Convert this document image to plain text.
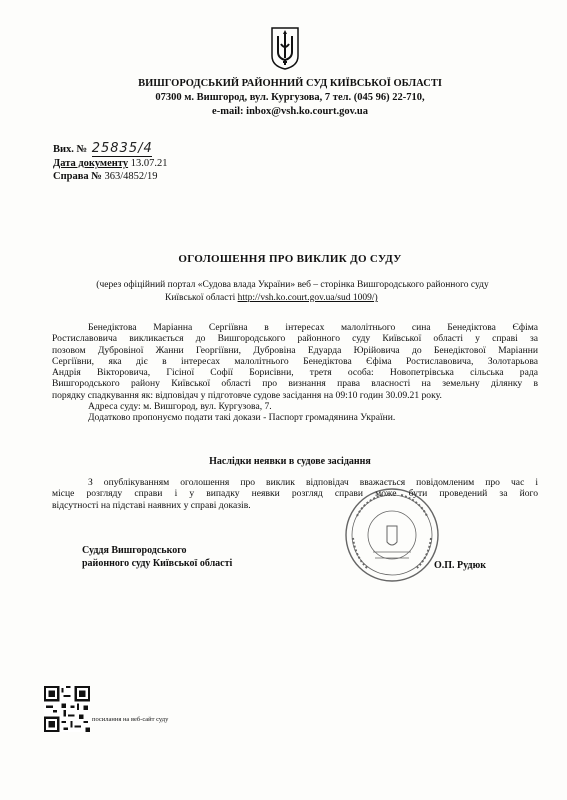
ВИШГОРОДСЬКИЙ РАЙОННИЙ СУД КИЇВСЬКОЇ ОБЛАСТІ
07300 м. Вишгород, вул. Кургузова, 7 тел. (045 96) 22-710,
e-mail: inbox@vsh.ko.court.gov.ua
Вих. № 25835/4
Дата документу 13.07.21
Справа № 363/4852/19
ОГОЛОШЕННЯ ПРО ВИКЛИК ДО СУДУ
(через офіційний портал «Судова влада України» веб – сторінка Вишгородського районного суду
Київської області http://vsh.ko.court.gov.ua/sud 1009/)
Бенедіктова Маріанна Сергіївна в інтересах малолітнього сина Бенедіктова Єфіма
Ростиславовича викликається до Вишгородського районного суду Київської області у справі за
позовом Дубровіної Жанни Георгіївни, Дубровіна Едуарда Юрійовича до Бенедіктової Маріанни
Сергіївни, яка діє в інтересах малолітнього Бенедіктова Єфіма Ростиславовича, Золотарьова
Андрія Вікторовича, Гісіної Софії Борисівни, третя особа: Новопетрівська сільська рада
Вишгородського району Київської області про визнання права власності на земельну ділянку в
порядку спадкування як: відповідач у підготовче судове засідання на 09:10 годин 30.09.21 року.
Адреса суду: м. Вишгород, вул. Кургузова, 7.
Додатково пропонуємо подати такі докази - Паспорт громадянина України.
Наслідки неявки в судове засідання
З опублікуванням оголошення про виклик відповідач вважається повідомленим про час і
місце розгляду справи і у випадку неявки розгляд справи може бути проведений за його
відсутності на підставі наявних у справі доказів.
Суддя Вишгородського
районного суду Київської області	О.П. Рудюк
посилання на веб-сайт суду
